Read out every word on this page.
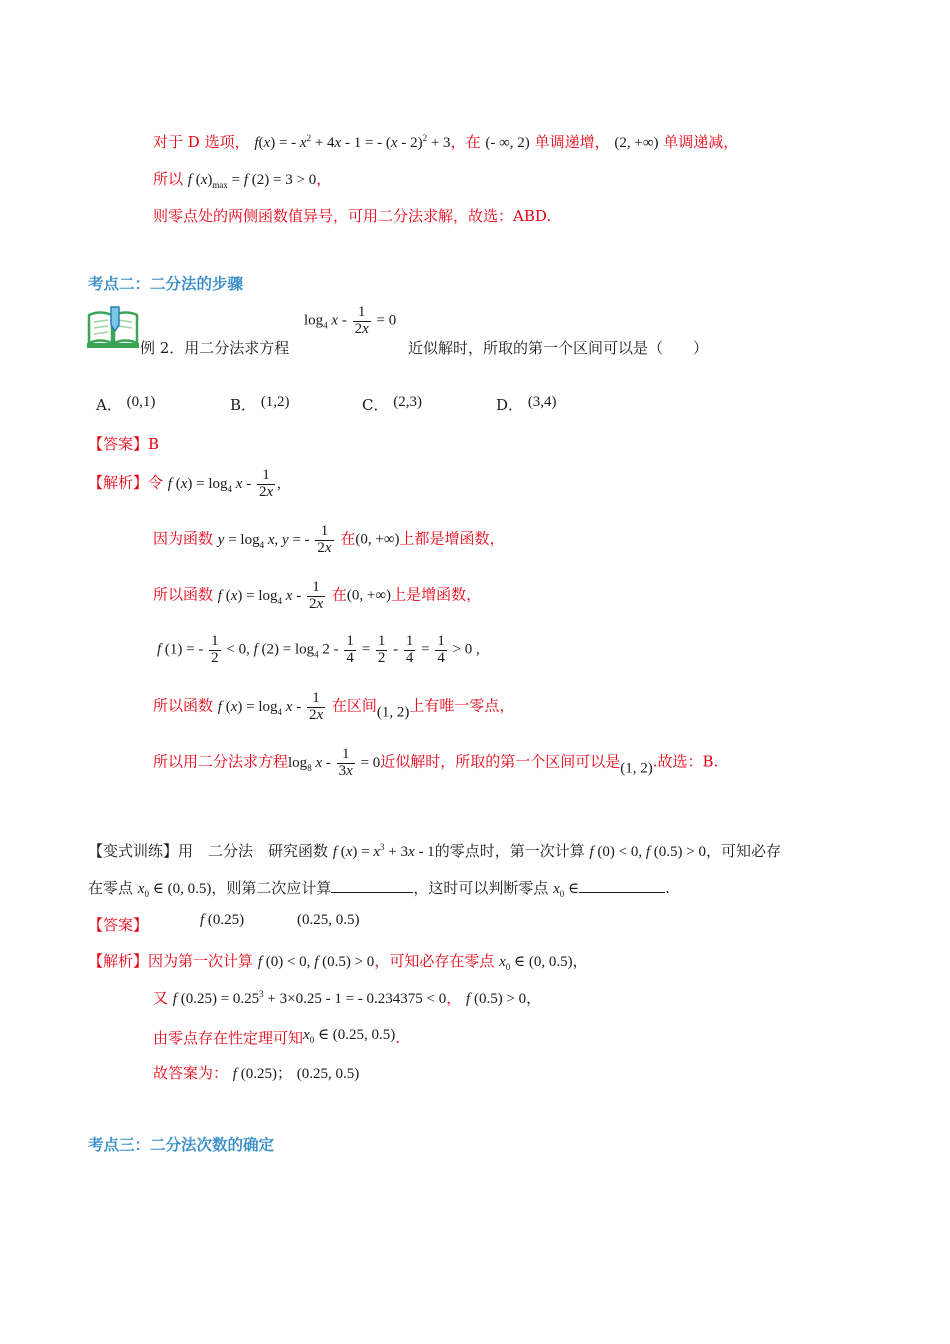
对于 D 选项， f(x) = - $x^2 + 4x - 1$ = - (x - 2)$^2$ + 3，在 (- ∞, 2) 单调递增， (2, +∞) 单调递减，
所以 f $(x)_{max} = f$ (2) = 3 > 0，
则零点处的两侧函数值异号，可用二分法求解，故选：ABD.
考点二：二分法的步骤
例 2．用二分法求方程
$\log_4 x - \frac{1}{2x} = 0$
近似解时，所取的第一个区间可以是（　　）
A． (0,1)	B． (1,2)	C． (2,3)	D． (3,4)
【答案】B
【解析】令 f $(x) = \log_4 x - \frac{1}{2x}$ ,
因为函数 $y = \log_4 x$, y = - $\frac{1}{2x}$ 在(0, +∞)上都是增函数，
所以函数 f $(x) = \log_4 x - \frac{1}{2x}$ 在(0, +∞)上是增函数，
f (1) = - $\frac{1}{2} < 0$, f $(2) = \log_4 2 - \frac{1}{4} = \frac{1}{2} - \frac{1}{4} = \frac{1}{4} > 0$ ,
所以函数 f $(x) = \log_4 x - \frac{1}{2x}$ 在区间(1, 2)上有唯一零点，
所以用二分法求方程$\log_8 x - \frac{1}{3x} = 0$近似解时，所取的第一个区间可以是(1, 2).故选：B.
【变式训练】用　二分法　研究函数 f $(x) = x^3 + 3x - 1$的零点时，第一次计算 f (0) < 0, f (0.5) > 0，可知必存
在零点 $x_0$ ∈ (0, 0.5)，则第二次应计算	，这时可以判断零点 $x_0$ ∈	.
【答案】	f (0.25)	(0.25, 0.5)
【解析】因为第一次计算 f (0) < 0, f (0.5) > 0，可知必存在零点 $x_0$ ∈ (0, 0.5)，
又 f $(0.25) = 0.25^3 + 3\times 0.25 - 1$ = - 0.234375 < 0， f (0.5) > 0，
由零点存在性定理可知$x_0$ ∈ (0.25, 0.5).
故答案为： f (0.25)； (0.25, 0.5)
考点三：二分法次数的确定
